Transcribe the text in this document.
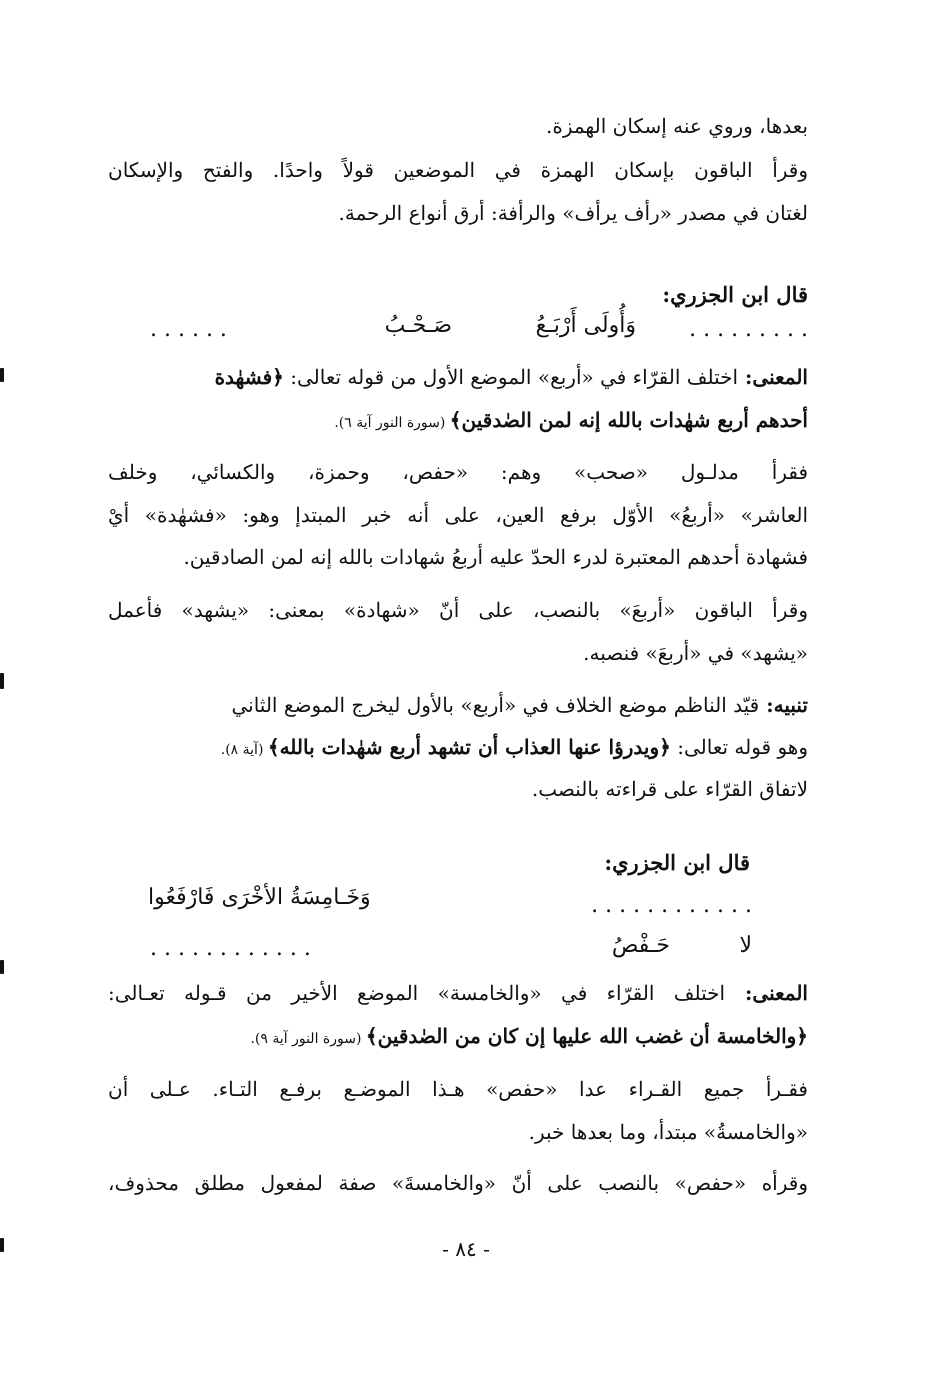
بعدها، وروي عنه إسكان الهمزة.
وقرأ الباقون بإسكان الهمزة في الموضعين قولاً واحدًا. والفتح والإسكان
لغتان في مصدر «رأف يرأف» والرأفة: أرق أنواع الرحمة.
قال ابن الجزري:
. . . . . . . . .
وَأُولَى أَرْبَـعُ
صَـحْـبُ
. . . . . .
المعنى: اختلف القرّاء في «أربع» الموضع الأول من قوله تعالى: ﴿فشهٰدة
أحدهم أربع شهٰدات بالله إنه لمن الصٰدقين﴾ (سورة النور آية ٦).
فقرأ مدلـول «صحب» وهم: «حفص، وحمزة، والكسائي، وخلف
العاشر» «أربعُ» الأوّل برفع العين، على أنه خبر المبتدإ وهو: «فشهٰدة» أيْ
فشهادة أحدهم المعتبرة لدرء الحدّ عليه أربعُ شهادات بالله إنه لمن الصادقين.
وقرأ الباقون «أربعَ» بالنصب، على أنّ «شهادة» بمعنى: «يشهد» فأعمل
«يشهد» في «أربعَ» فنصبه.
تنبيه: قيّد الناظم موضع الخلاف في «أربع» بالأول ليخرج الموضع الثاني
وهو قوله تعالى: ﴿ويدرؤا عنها العذاب أن تشهد أربع شهٰدات بالله﴾ (آية ٨).
لاتفاق القرّاء على قراءته بالنصب.
قال ابن الجزري:
. . . . . . . . . . . .
وَخَـامِسَةُ الأخْرَى فَارْفَعُوا
لا
حَـفْصُ
. . . . . . . . . . . .
المعنى: اختلف القرّاء في «والخامسة» الموضع الأخير من قـوله تعـالى:
﴿والخامسة أن غضب الله عليها إن كان من الصٰدقين﴾ (سورة النور آية ٩).
فقـرأ جميع القـراء عدا «حفص» هـذا الموضـع برفـع التـاء. عـلى أن
«والخامسةُ» مبتدأ، وما بعدها خبر.
وقرأه «حفص» بالنصب على أنّ «والخامسةَ» صفة لمفعول مطلق محذوف،
- ٨٤ -
